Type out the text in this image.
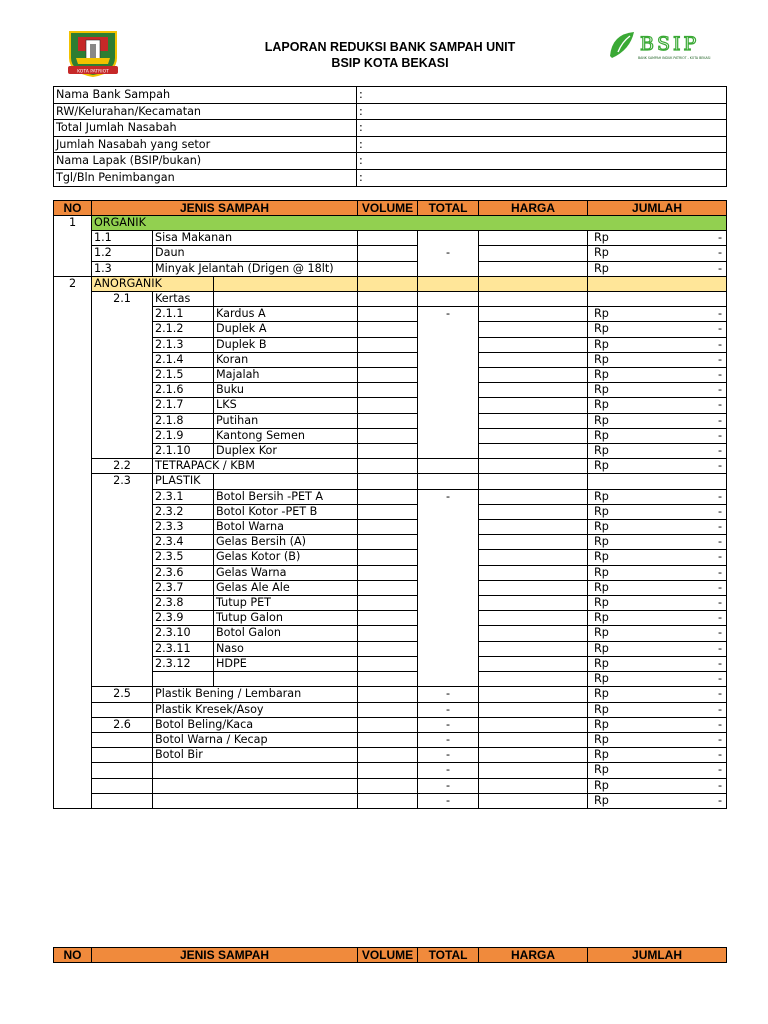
KOTA PATRIOT
LAPORAN REDUKSI BANK SAMPAH UNIT
BSIP KOTA BEKASI
BSIP
BANK SAMPAH INDUK PATRIOT - KOTA BEKASI
Nama Bank Sampah	:
RW/Kelurahan/Kecamatan	:
Total Jumlah Nasabah	:
Jumlah Nasabah yang setor	:
Nama Lapak (BSIP/bukan)	:
Tgl/Bln Penimbangan	:
NO	JENIS SAMPAH			VOLUME	TOTAL	HARGA	JUMLAH
1	ORGANIK						
	1.1	Sisa Makanan			-		Rp -

	1.2	Daun					Rp -

	1.3	Minyak Jelantah (Drigen @ 18lt)					Rp -

2	ANORGANIK						
	2.1	Kertas					
		2.1.1	Kardus A		-		Rp -

		2.1.2	Duplek A				Rp -

		2.1.3	Duplek B				Rp -

		2.1.4	Koran				Rp -

		2.1.5	Majalah				Rp -

		2.1.6	Buku				Rp -

		2.1.7	LKS				Rp -

		2.1.8	Putihan				Rp -

		2.1.9	Kantong Semen				Rp -

		2.1.10	Duplex Kor				Rp -

	2.2	TETRAPACK / KBM					Rp -

	2.3	PLASTIK					
		2.3.1	Botol Bersih -PET A		-		Rp -

		2.3.2	Botol Kotor -PET B				Rp -

		2.3.3	Botol Warna				Rp -

		2.3.4	Gelas Bersih (A)				Rp -

		2.3.5	Gelas Kotor (B)				Rp -

		2.3.6	Gelas Warna				Rp -

		2.3.7	Gelas Ale Ale				Rp -

		2.3.8	Tutup PET				Rp -

		2.3.9	Tutup Galon				Rp -

		2.3.10	Botol Galon				Rp -

		2.3.11	Naso				Rp -

		2.3.12	HDPE				Rp -

							Rp -

	2.5	Plastik Bening / Lembaran			-		Rp -

		Plastik Kresek/Asoy			-		Rp -

	2.6	Botol Beling/Kaca			-		Rp -

		Botol Warna / Kecap			-		Rp -

		Botol Bir			-		Rp -

					-		Rp -

					-		Rp -

					-		Rp -
NO	JENIS SAMPAH	VOLUME	TOTAL	HARGA	JUMLAH
